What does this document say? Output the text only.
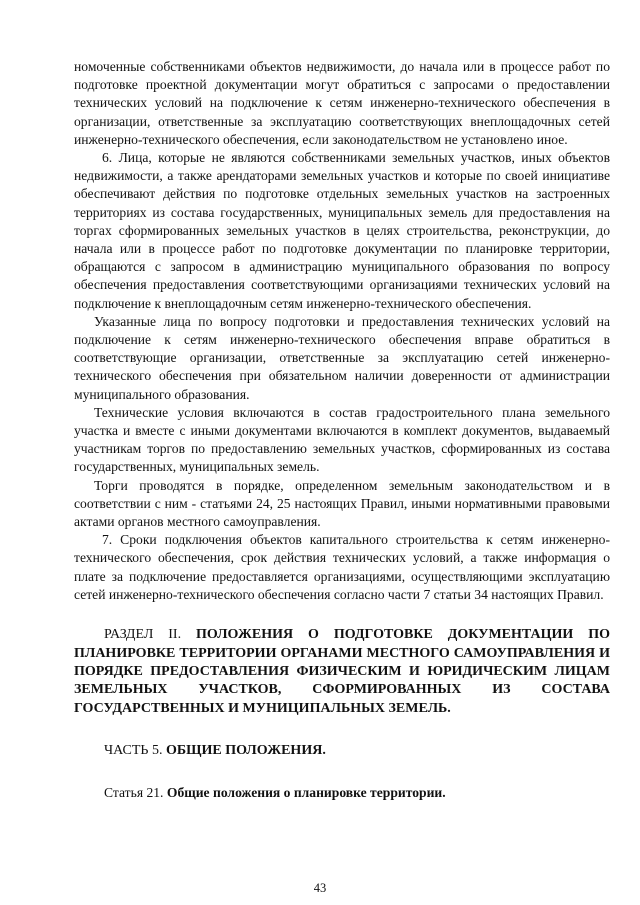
номоченные собственниками объектов недвижимости, до начала или в процессе работ по подготовке проектной документации могут обратиться с запросами о предоставлении технических условий на подключение к сетям инженерно-технического обеспечения в организации, ответственные за эксплуатацию соответствующих внеплощадочных сетей инженерно-технического обеспечения, если законодательством не установлено иное.

6. Лица, которые не являются собственниками земельных участков, иных объектов недвижимости, а также арендаторами земельных участков и которые по своей инициативе обеспечивают действия по подготовке отдельных земельных участков на застроенных территориях из состава государственных, муниципальных земель для предоставления на торгах сформированных земельных участков в целях строительства, реконструкции, до начала или в процессе работ по подготовке документации по планировке территории, обращаются с запросом в администрацию муниципального образования по вопросу обеспечения предоставления соответствующими организациями технических условий на подключение к внеплощадочным сетям инженерно-технического обеспечения.

Указанные лица по вопросу подготовки и предоставления технических условий на подключение к сетям инженерно-технического обеспечения вправе обратиться в соответствующие организации, ответственные за эксплуатацию сетей инженерно-технического обеспечения при обязательном наличии доверенности от администрации муниципального образования.

Технические условия включаются в состав градостроительного плана земельного участка и вместе с иными документами включаются в комплект документов, выдаваемый участникам торгов по предоставлению земельных участков, сформированных из состава государственных, муниципальных земель.

Торги проводятся в порядке, определенном земельным законодательством и в соответствии с ним - статьями 24, 25 настоящих Правил, иными нормативными правовыми актами органов местного самоуправления.

7. Сроки подключения объектов капитального строительства к сетям инженерно-технического обеспечения, срок действия технических условий, а также информация о плате за подключение предоставляется организациями, осуществляющими эксплуатацию сетей инженерно-технического обеспечения согласно части 7 статьи 34 настоящих Правил.

РАЗДЕЛ II. ПОЛОЖЕНИЯ О ПОДГОТОВКЕ ДОКУМЕНТАЦИИ ПО ПЛАНИРОВКЕ ТЕРРИТОРИИ ОРГАНАМИ МЕСТНОГО САМОУПРАВЛЕНИЯ И ПОРЯДКЕ ПРЕДОСТАВЛЕНИЯ ФИЗИЧЕСКИМ И ЮРИДИЧЕСКИМ ЛИЦАМ ЗЕМЕЛЬНЫХ УЧАСТКОВ, СФОРМИРОВАННЫХ ИЗ СОСТАВА ГОСУДАРСТВЕННЫХ И МУНИЦИПАЛЬНЫХ ЗЕМЕЛЬ.

ЧАСТЬ 5. ОБЩИЕ ПОЛОЖЕНИЯ.

Статья 21. Общие положения о планировке территории.

43
